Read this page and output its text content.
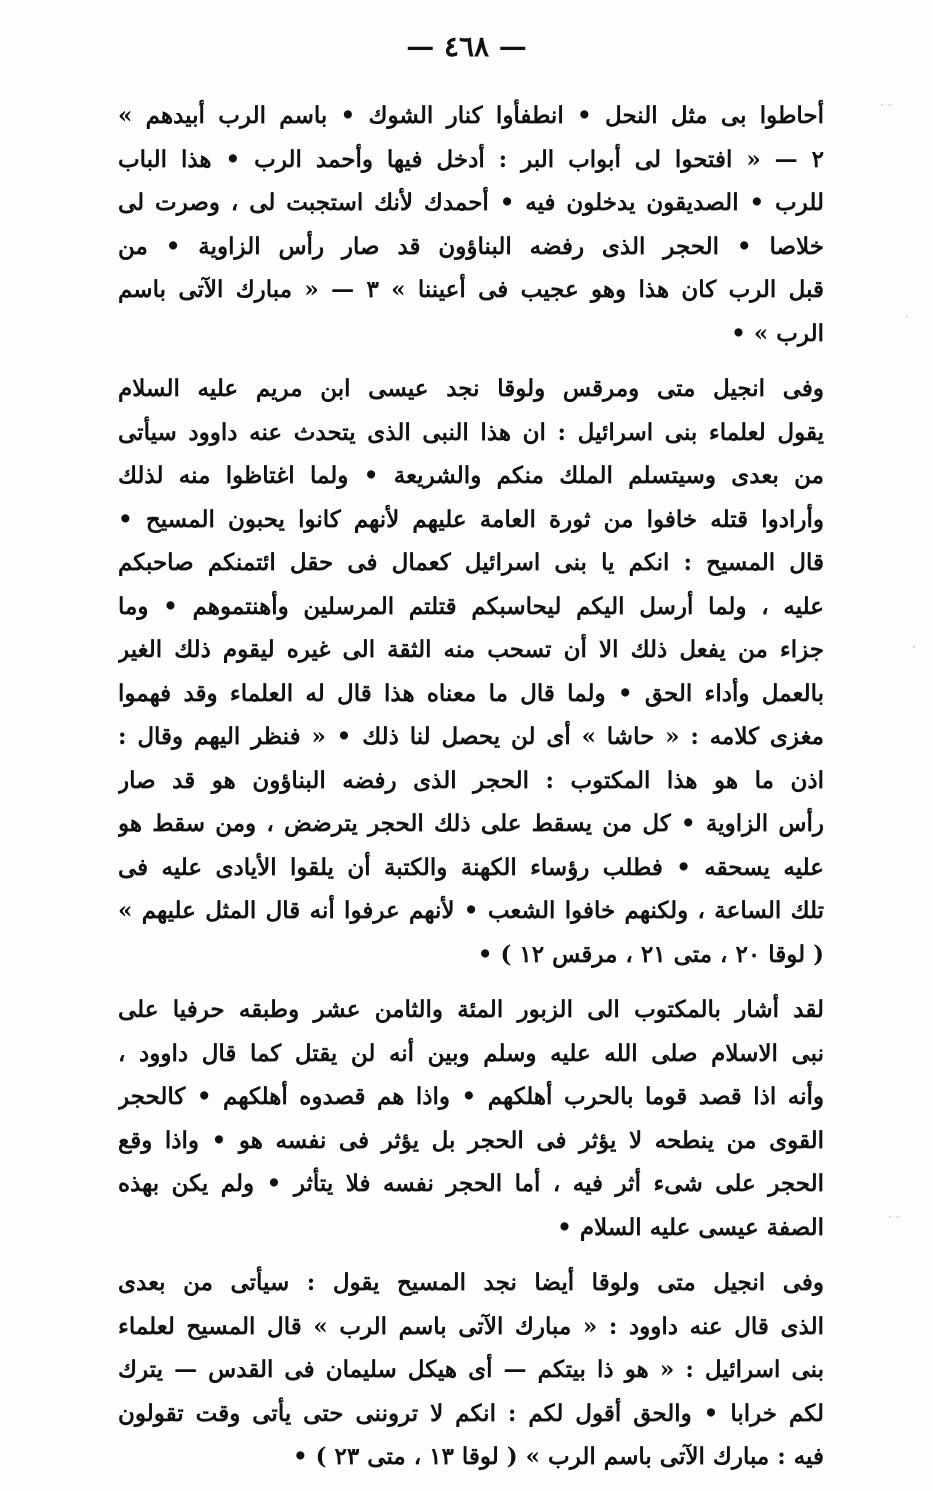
— ٤٦٨ —
أحاطوا بى مثل النحل • انطفأوا كنار الشوك • باسم الرب أبيدهم »
٢ — « افتحوا لى أبواب البر : أدخل فيها وأحمد الرب • هذا الباب
للرب • الصديقون يدخلون فيه • أحمدك لأنك استجبت لى ، وصرت لى
خلاصا • الحجر الذى رفضه البناؤون قد صار رأس الزاوية • من
قبل الرب كان هذا وهو عجيب فى أعيننا » ٣ — « مبارك الآتى باسم
الرب » •
وفى انجيل متى ومرقس ولوقا نجد عيسى ابن مريم عليه السلام
يقول لعلماء بنى اسرائيل : ان هذا النبى الذى يتحدث عنه داوود سيأتى
من بعدى وسيتسلم الملك منكم والشريعة • ولما اغتاظوا منه لذلك
وأرادوا قتله خافوا من ثورة العامة عليهم لأنهم كانوا يحبون المسيح •
قال المسيح : انكم يا بنى اسرائيل كعمال فى حقل ائتمنكم صاحبكم
عليه ، ولما أرسل اليكم ليحاسبكم قتلتم المرسلين وأهنتموهم • وما
جزاء من يفعل ذلك الا أن تسحب منه الثقة الى غيره ليقوم ذلك الغير
بالعمل وأداء الحق • ولما قال ما معناه هذا قال له العلماء وقد فهموا
مغزى كلامه : « حاشا » أى لن يحصل لنا ذلك • « فنظر اليهم وقال :
اذن ما هو هذا المكتوب : الحجر الذى رفضه البناؤون هو قد صار
رأس الزاوية • كل من يسقط على ذلك الحجر يترضض ، ومن سقط هو
عليه يسحقه • فطلب رؤساء الكهنة والكتبة أن يلقوا الأيادى عليه فى
تلك الساعة ، ولكنهم خافوا الشعب • لأنهم عرفوا أنه قال المثل عليهم »
( لوقا ٢٠ ، متى ٢١ ، مرقس ١٢ ) •
لقد أشار بالمكتوب الى الزبور المئة والثامن عشر وطبقه حرفيا على
نبى الاسلام صلى الله عليه وسلم وبين أنه لن يقتل كما قال داوود ،
وأنه اذا قصد قوما بالحرب أهلكهم • واذا هم قصدوه أهلكهم • كالحجر
القوى من ينطحه لا يؤثر فى الحجر بل يؤثر فى نفسه هو • واذا وقع
الحجر على شىء أثر فيه ، أما الحجر نفسه فلا يتأثر • ولم يكن بهذه
الصفة عيسى عليه السلام •
وفى انجيل متى ولوقا أيضا نجد المسيح يقول : سيأتى من بعدى
الذى قال عنه داوود : « مبارك الآتى باسم الرب » قال المسيح لعلماء
بنى اسرائيل : « هو ذا بيتكم — أى هيكل سليمان فى القدس — يترك
لكم خرابا • والحق أقول لكم : انكم لا تروننى حتى يأتى وقت تقولون
فيه : مبارك الآتى باسم الرب » ( لوقا ١٣ ، متى ٢٣ ) •
· ·
·
·
· ·
